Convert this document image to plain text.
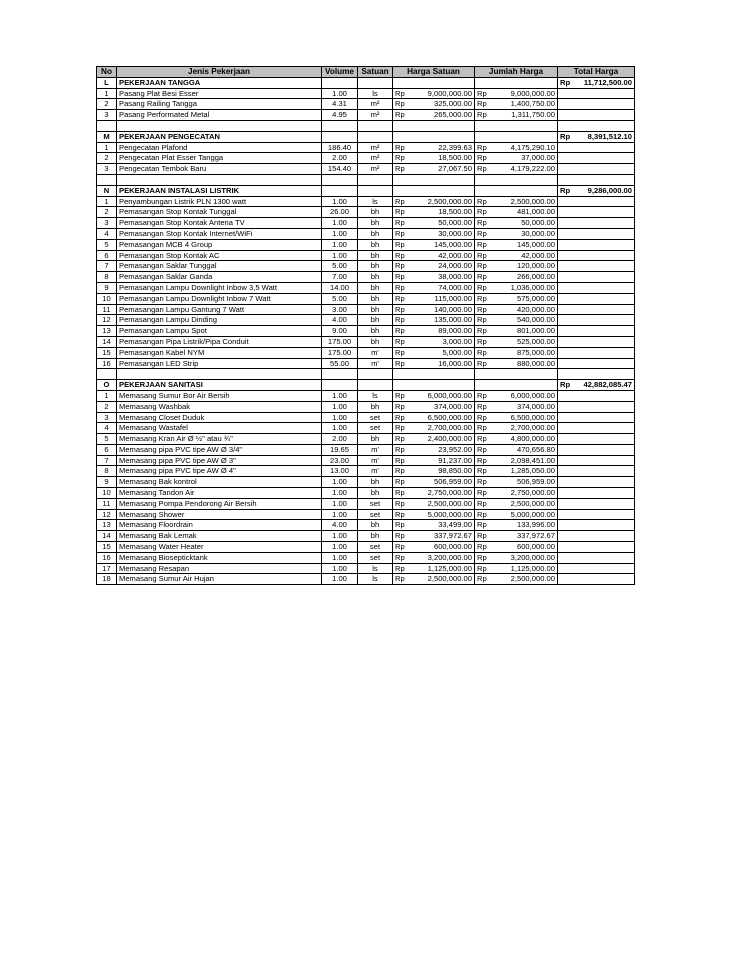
No	Jenis Pekerjaan	Volume	Satuan	Harga Satuan		Jumlah Harga		Total Harga
L	PEKERJAAN TANGGA							Rp 11,712,500.00

1	Pasang Plat Besi Esser	1.00	ls	Rp	9,000,000.00	Rp	9,000,000.00	
2	Pasang Railing Tangga	4.31	m²	Rp	325,000.00	Rp	1,400,750.00	
3	Pasang Performated Metal	4.95	m²	Rp	265,000.00	Rp	1,311,750.00	

M	PEKERJAAN PENGECATAN							Rp 8,391,512.10

1	Pengecatan Plafond	186.40	m²	Rp	22,399.63	Rp	4,175,290.10	
2	Pengecatan Plat Esser Tangga	2.00	m²	Rp	18,500.00	Rp	37,000.00	
3	Pengecatan Tembok Baru	154.40	m²	Rp	27,067.50	Rp	4,179,222.00	

N	PEKERJAAN INSTALASI LISTRIK							Rp 9,286,000.00

1	Penyambungan Listrik PLN 1300 watt	1.00	ls	Rp	2,500,000.00	Rp	2,500,000.00	
2	Pemasangan Stop Kontak Tunggal	26.00	bh	Rp	18,500.00	Rp	481,000.00	
3	Pemasangan Stop Kontak Antena TV	1.00	bh	Rp	50,000.00	Rp	50,000.00	
4	Pemasangan Stop Kontak Internet/WiFi	1.00	bh	Rp	30,000.00	Rp	30,000.00	
5	Pemasangan MCB 4 Group	1.00	bh	Rp	145,000.00	Rp	145,000.00	
6	Pemasangan Stop Kontak AC	1.00	bh	Rp	42,000.00	Rp	42,000.00	
7	Pemasangan Saklar Tunggal	5.00	bh	Rp	24,000.00	Rp	120,000.00	
8	Pemasangan Saklar Ganda	7.00	bh	Rp	38,000.00	Rp	266,000.00	
9	Pemasangan Lampu Downlight Inbow 3,5 Watt	14.00	bh	Rp	74,000.00	Rp	1,036,000.00	
10	Pemasangan Lampu Downlight Inbow 7 Watt	5.00	bh	Rp	115,000.00	Rp	575,000.00	
11	Pemasangan Lampu Gantung 7 Watt	3.00	bh	Rp	140,000.00	Rp	420,000.00	
12	Pemasangan Lampu Dinding	4.00	bh	Rp	135,000.00	Rp	540,000.00	
13	Pemasangan Lampu Spot	9.00	bh	Rp	89,000.00	Rp	801,000.00	
14	Pemasangan Pipa Listrik/Pipa Conduit	175.00	bh	Rp	3,000.00	Rp	525,000.00	
15	Pemasangan Kabel NYM	175.00	m'	Rp	5,000.00	Rp	875,000.00	
16	Pemasangan LED Strip	55.00	m'	Rp	16,000.00	Rp	880,000.00	

O	PEKERJAAN SANITASI							Rp 42,882,085.47

1	Memasang Sumur Bor Air Bersih	1.00	ls	Rp	6,000,000.00	Rp	6,000,000.00	
2	Memasang Washbak	1.00	bh	Rp	374,000.00	Rp	374,000.00	
3	Memasang Closet Duduk	1.00	set	Rp	6,500,000.00	Rp	6,500,000.00	
4	Memasang Wastafel	1.00	set	Rp	2,700,000.00	Rp	2,700,000.00	
5	Memasang Kran Air Ø ½" atau ¾"	2.00	bh	Rp	2,400,000.00	Rp	4,800,000.00	
6	Memasang pipa PVC tipe AW Ø 3/4"	19.65	m'	Rp	23,952.00	Rp	470,656.80	
7	Memasang pipa PVC tipe AW Ø 3"	23.00	m'	Rp	91,237.00	Rp	2,098,451.00	
8	Memasang pipa PVC tipe AW Ø 4"	13.00	m'	Rp	98,850.00	Rp	1,285,050.00	
9	Memasang Bak kontrol	1.00	bh	Rp	506,959.00	Rp	506,959.00	
10	Memasang Tandon Air	1.00	bh	Rp	2,750,000.00	Rp	2,750,000.00	
11	Memasang Pompa Pendorong Air Bersih	1.00	set	Rp	2,500,000.00	Rp	2,500,000.00	
12	Memasang Shower	1.00	set	Rp	5,000,000.00	Rp	5,000,000.00	
13	Memasang Floordrain	4.00	bh	Rp	33,499.00	Rp	133,996.00	
14	Memasang Bak Lemak	1.00	bh	Rp	337,972.67	Rp	337,972.67	
15	Memasang Water Heater	1.00	set	Rp	600,000.00	Rp	600,000.00	
16	Memasang Biosepticktank	1.00	set	Rp	3,200,000.00	Rp	3,200,000.00	
17	Memasang Resapan	1.00	ls	Rp	1,125,000.00	Rp	1,125,000.00	
18	Memasang Sumur Air Hujan	1.00	ls	Rp	2,500,000.00	Rp	2,500,000.00	
